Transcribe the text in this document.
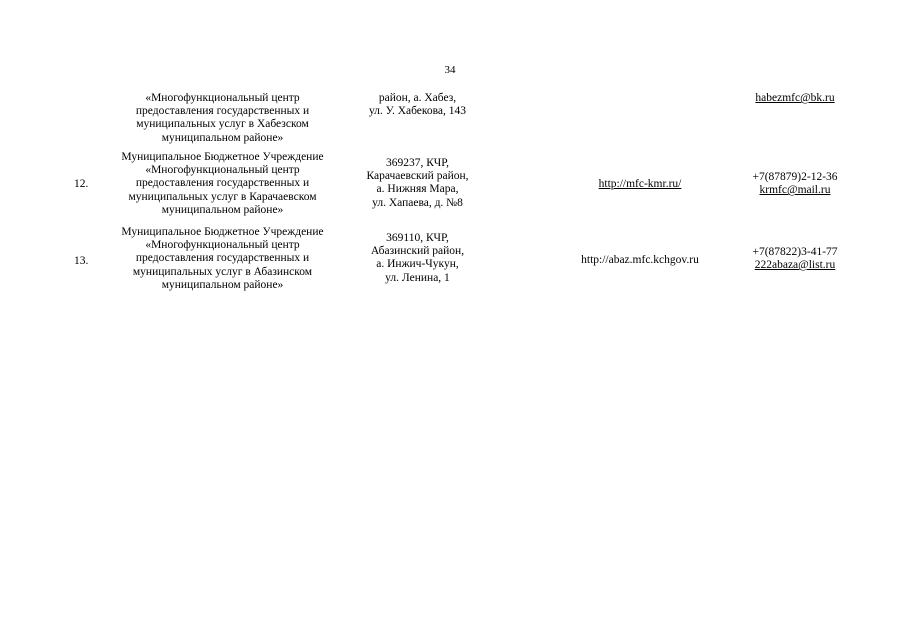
34
«Многофункциональный центр
предоставления государственных и
муниципальных услуг в Хабезском
муниципальном районе»
район, а. Хабез,
ул. У. Хабекова, 143
habezmfc@bk.ru
12.
Муниципальное Бюджетное Учреждение
«Многофункциональный центр
предоставления государственных и
муниципальных услуг в Карачаевском
муниципальном районе»
369237, КЧР,
Карачаевский район,
а. Нижняя Мара,
ул. Хапаева, д. №8
http://mfc-kmr.ru/
+7(87879)2-12-36
krmfc@mail.ru
13.
Муниципальное Бюджетное Учреждение
«Многофункциональный центр
предоставления государственных и
муниципальных услуг в Абазинском
муниципальном районе»
369110, КЧР,
Абазинский район,
а. Инжич-Чукун,
ул. Ленина, 1
http://abaz.mfc.kchgov.ru
+7(87822)3-41-77
222abaza@list.ru
